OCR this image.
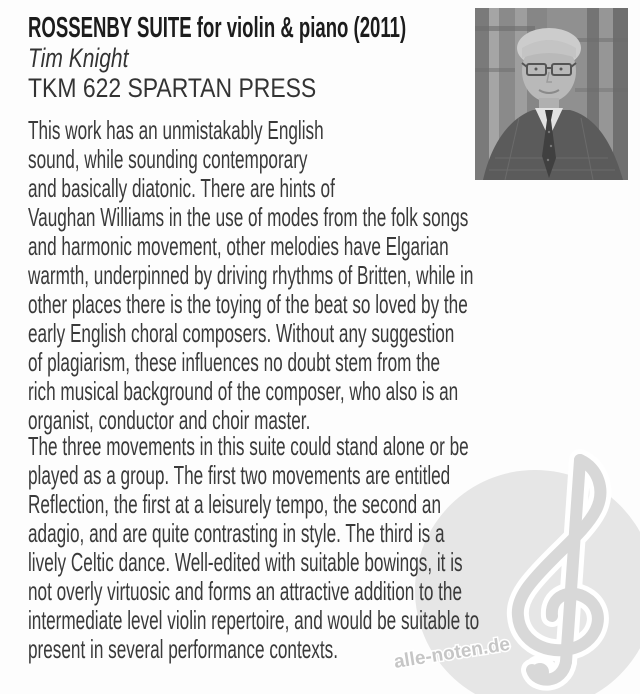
alle-noten.de
ROSSENBY SUITE for violin & piano (2011)
Tim Knight
TKM 622 SPARTAN PRESS
This work has an unmistakably English
sound, while sounding contemporary
and basically diatonic. There are hints of
Vaughan Williams in the use of modes from the folk songs
and harmonic movement, other melodies have Elgarian
warmth, underpinned by driving rhythms of Britten, while in
other places there is the toying of the beat so loved by the
early English choral composers. Without any suggestion
of plagiarism, these influences no doubt stem from the
rich musical background of the composer, who also is an
organist, conductor and choir master.
The three movements in this suite could stand alone or be
played as a group. The first two movements are entitled
Reflection, the first at a leisurely tempo, the second an
adagio, and are quite contrasting in style. The third is a
lively Celtic dance. Well-edited with suitable bowings, it is
not overly virtuosic and forms an attractive addition to the
intermediate level violin repertoire, and would be suitable to
present in several performance contexts.
